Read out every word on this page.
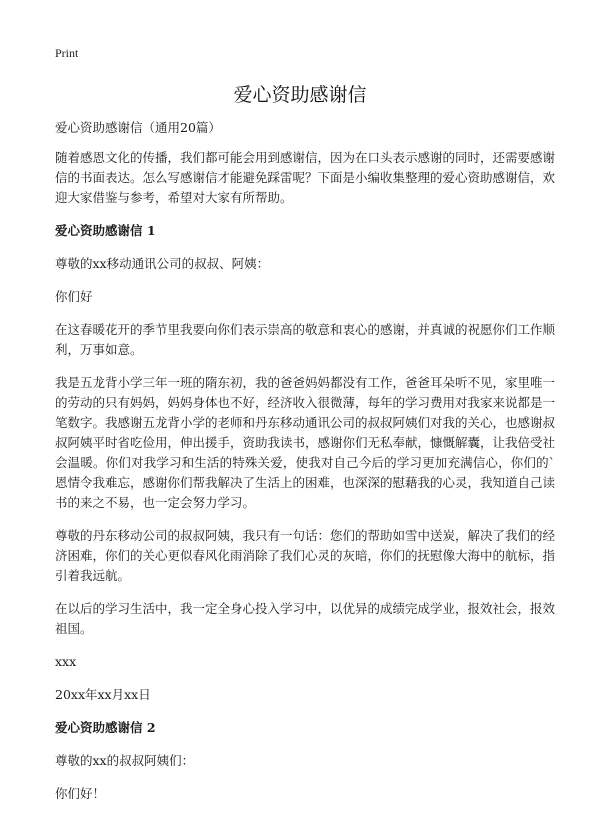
Print
爱心资助感谢信

爱心资助感谢信（通用20篇）

随着感恩文化的传播，我们都可能会用到感谢信，因为在口头表示感谢的同时，还需要感谢信的书面表达。怎么写感谢信才能避免踩雷呢？下面是小编收集整理的爱心资助感谢信，欢迎大家借鉴与参考，希望对大家有所帮助。

爱心资助感谢信 1

尊敬的xx移动通讯公司的叔叔、阿姨：

你们好

在这春暖花开的季节里我要向你们表示崇高的敬意和衷心的感谢，并真诚的祝愿你们工作顺利，万事如意。

我是五龙背小学三年一班的隋东初，我的爸爸妈妈都没有工作，爸爸耳朵听不见，家里唯一的劳动的只有妈妈，妈妈身体也不好，经济收入很微薄，每年的学习费用对我家来说都是一笔数字。我感谢五龙背小学的老师和丹东移动通讯公司的叔叔阿姨们对我的关心，也感谢叔叔阿姨平时省吃俭用，伸出援手，资助我读书，感谢你们无私奉献，慷慨解囊，让我倍受社会温暖。你们对我学习和生活的特殊关爱，使我对自己今后的学习更加充满信心，你们的`恩情令我难忘，感谢你们帮我解决了生活上的困难，也深深的慰藉我的心灵，我知道自己读书的来之不易，也一定会努力学习。

尊敬的丹东移动公司的叔叔阿姨，我只有一句话：您们的帮助如雪中送炭，解决了我们的经济困难，你们的关心更似春风化雨消除了我们心灵的灰暗，你们的抚慰像大海中的航标，指引着我远航。

在以后的学习生活中，我一定全身心投入学习中，以优异的成绩完成学业，报效社会，报效祖国。

xxx

20xx年xx月xx日

爱心资助感谢信 2

尊敬的xx的叔叔阿姨们：

你们好！
